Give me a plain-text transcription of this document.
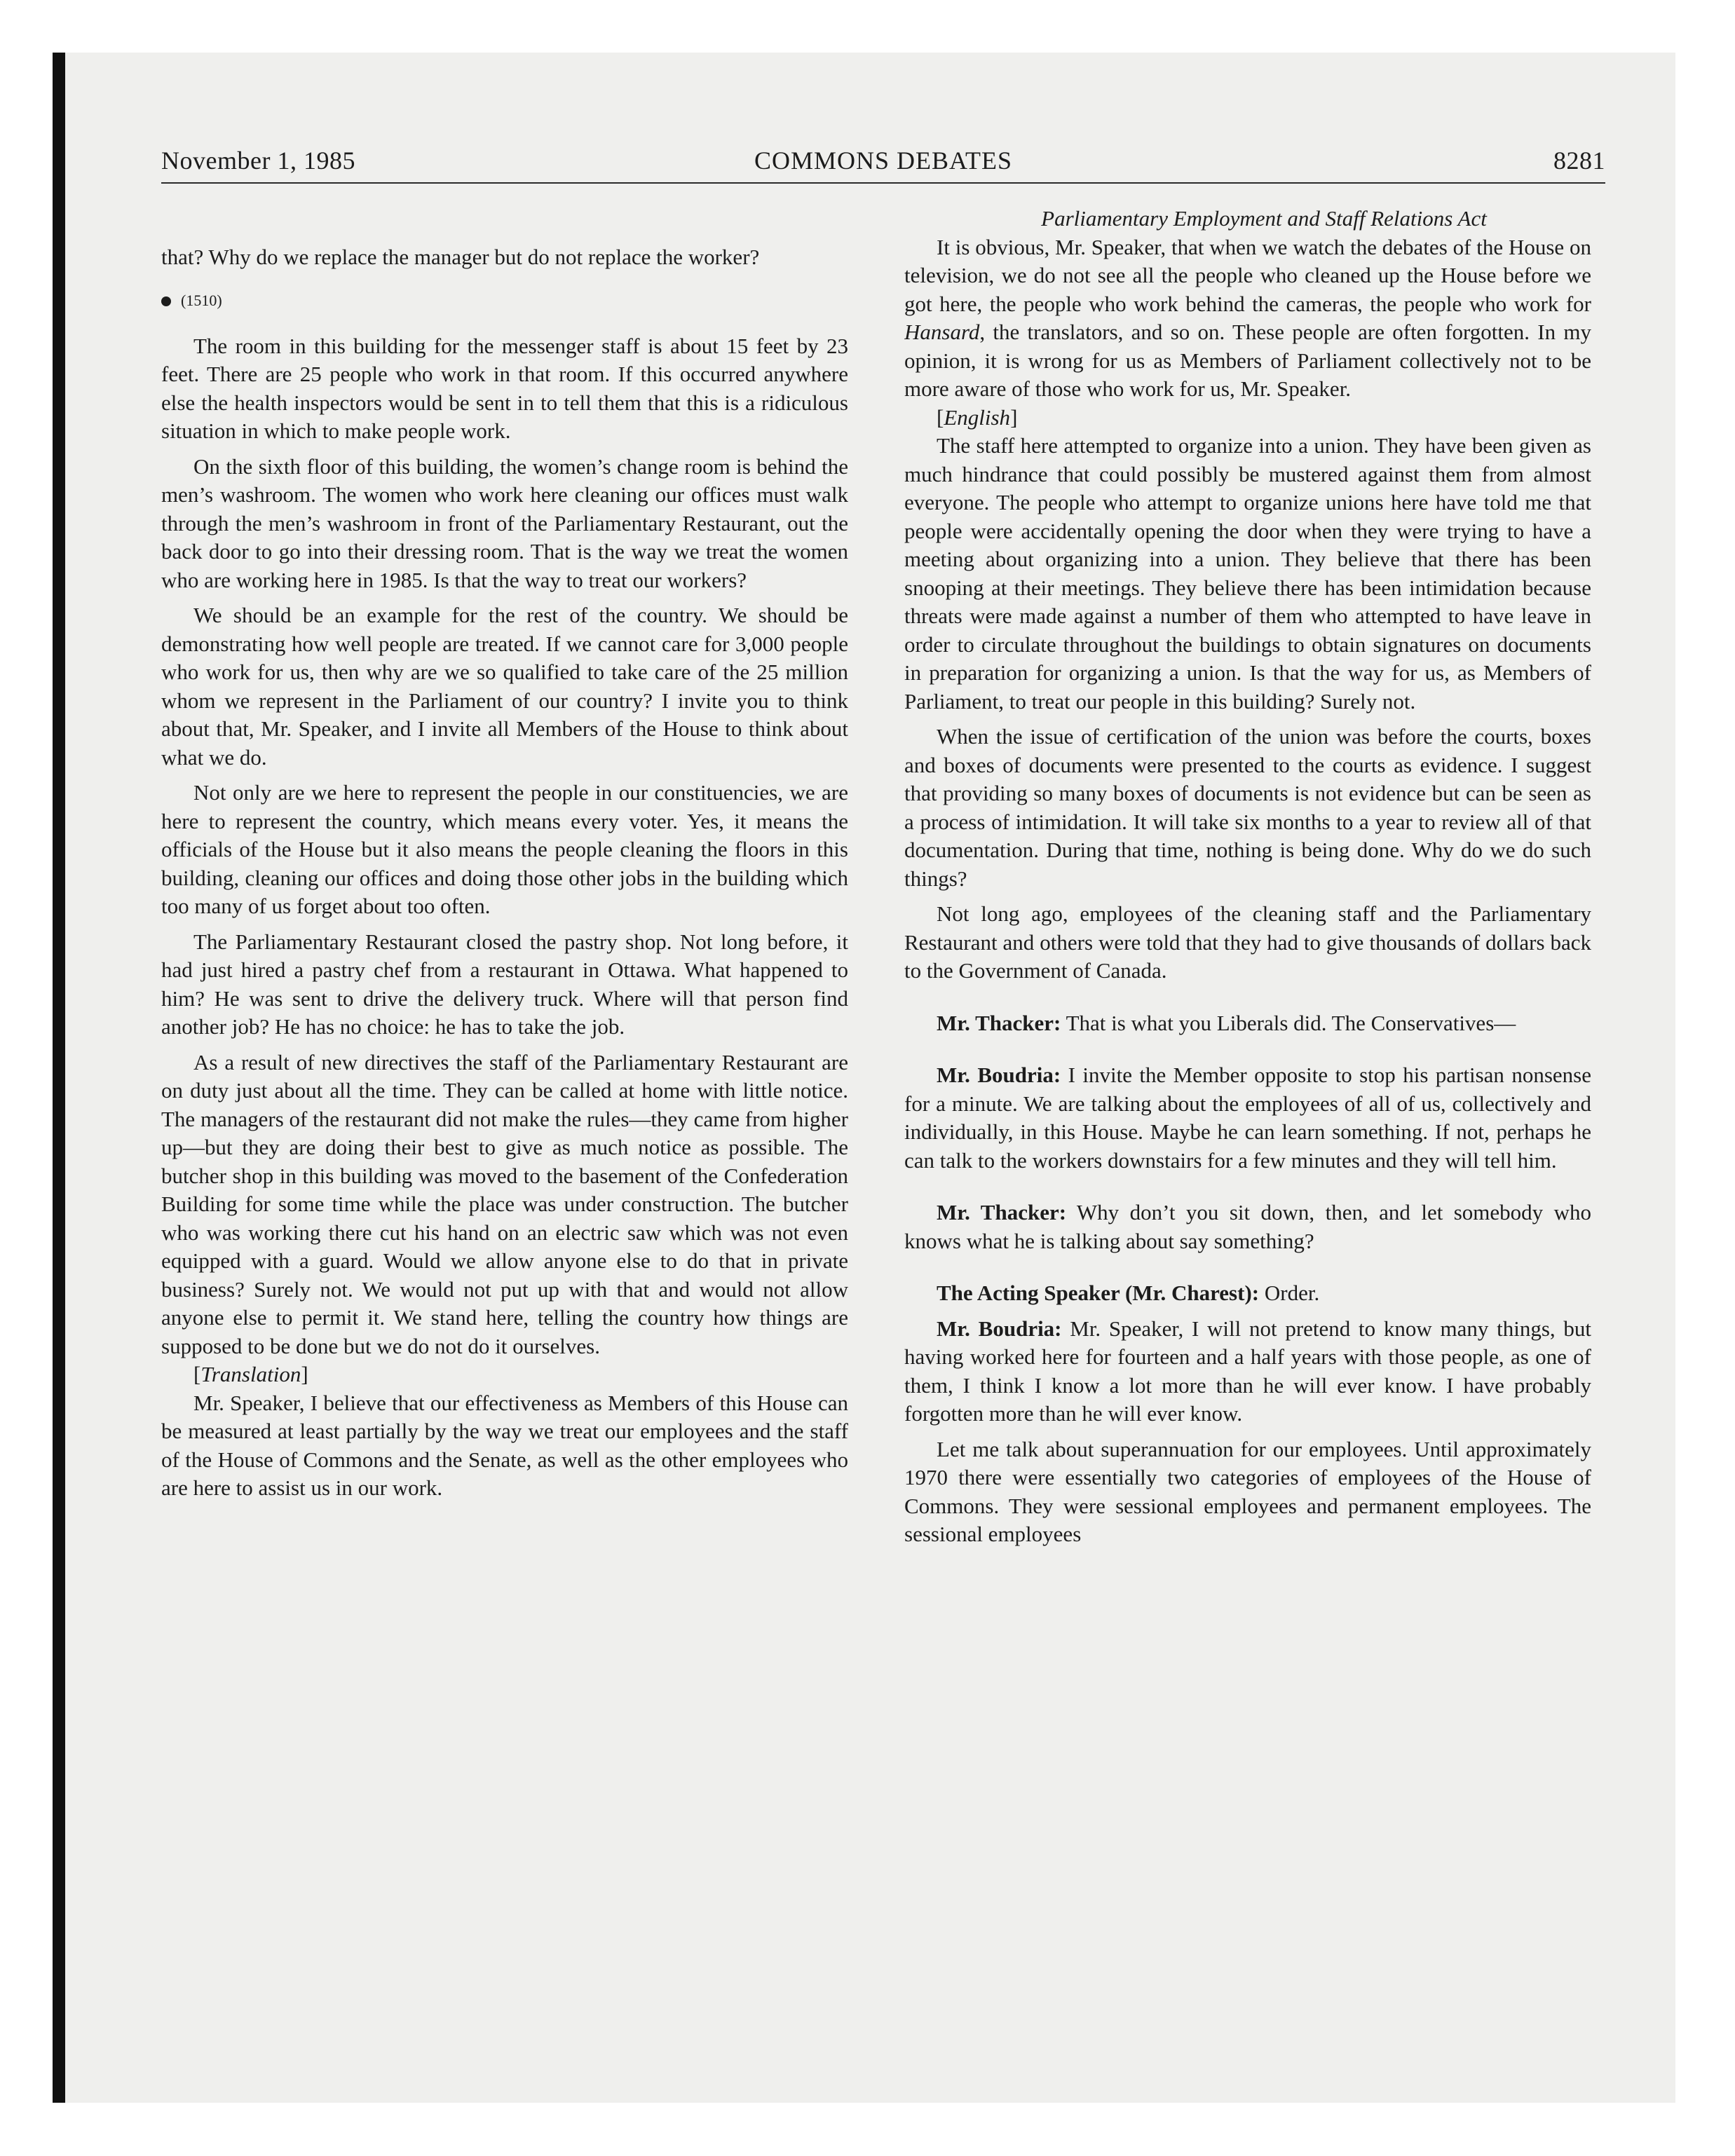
November 1, 1985	COMMONS DEBATES	8281

that? Why do we replace the manager but do not replace the worker?

(1510)

The room in this building for the messenger staff is about 15 feet by 23 feet. There are 25 people who work in that room. If this occurred anywhere else the health inspectors would be sent in to tell them that this is a ridiculous situation in which to make people work.

On the sixth floor of this building, the women’s change room is behind the men’s washroom. The women who work here cleaning our offices must walk through the men’s washroom in front of the Parliamentary Restaurant, out the back door to go into their dressing room. That is the way we treat the women who are working here in 1985. Is that the way to treat our workers?

We should be an example for the rest of the country. We should be demonstrating how well people are treated. If we cannot care for 3,000 people who work for us, then why are we so qualified to take care of the 25 million whom we represent in the Parliament of our country? I invite you to think about that, Mr. Speaker, and I invite all Members of the House to think about what we do.

Not only are we here to represent the people in our constituencies, we are here to represent the country, which means every voter. Yes, it means the officials of the House but it also means the people cleaning the floors in this building, cleaning our offices and doing those other jobs in the building which too many of us forget about too often.

The Parliamentary Restaurant closed the pastry shop. Not long before, it had just hired a pastry chef from a restaurant in Ottawa. What happened to him? He was sent to drive the delivery truck. Where will that person find another job? He has no choice: he has to take the job.

As a result of new directives the staff of the Parliamentary Restaurant are on duty just about all the time. They can be called at home with little notice. The managers of the restaurant did not make the rules—they came from higher up—but they are doing their best to give as much notice as possible. The butcher shop in this building was moved to the basement of the Confederation Building for some time while the place was under construction. The butcher who was working there cut his hand on an electric saw which was not even equipped with a guard. Would we allow anyone else to do that in private business? Surely not. We would not put up with that and would not allow anyone else to permit it. We stand here, telling the country how things are supposed to be done but we do not do it ourselves.

[Translation]

Mr. Speaker, I believe that our effectiveness as Members of this House can be measured at least partially by the way we treat our employees and the staff of the House of Commons and the Senate, as well as the other employees who are here to assist us in our work.

Parliamentary Employment and Staff Relations Act

It is obvious, Mr. Speaker, that when we watch the debates of the House on television, we do not see all the people who cleaned up the House before we got here, the people who work behind the cameras, the people who work for Hansard, the translators, and so on. These people are often forgotten. In my opinion, it is wrong for us as Members of Parliament collectively not to be more aware of those who work for us, Mr. Speaker.

[English]

The staff here attempted to organize into a union. They have been given as much hindrance that could possibly be mustered against them from almost everyone. The people who attempt to organize unions here have told me that people were accidentally opening the door when they were trying to have a meeting about organizing into a union. They believe that there has been snooping at their meetings. They believe there has been intimidation because threats were made against a number of them who attempted to have leave in order to circulate throughout the buildings to obtain signatures on documents in preparation for organizing a union. Is that the way for us, as Members of Parliament, to treat our people in this building? Surely not.

When the issue of certification of the union was before the courts, boxes and boxes of documents were presented to the courts as evidence. I suggest that providing so many boxes of documents is not evidence but can be seen as a process of intimidation. It will take six months to a year to review all of that documentation. During that time, nothing is being done. Why do we do such things?

Not long ago, employees of the cleaning staff and the Parliamentary Restaurant and others were told that they had to give thousands of dollars back to the Government of Canada.

Mr. Thacker: That is what you Liberals did. The Conservatives—

Mr. Boudria: I invite the Member opposite to stop his partisan nonsense for a minute. We are talking about the employees of all of us, collectively and individually, in this House. Maybe he can learn something. If not, perhaps he can talk to the workers downstairs for a few minutes and they will tell him.

Mr. Thacker: Why don’t you sit down, then, and let somebody who knows what he is talking about say something?

The Acting Speaker (Mr. Charest): Order.

Mr. Boudria: Mr. Speaker, I will not pretend to know many things, but having worked here for fourteen and a half years with those people, as one of them, I think I know a lot more than he will ever know. I have probably forgotten more than he will ever know.

Let me talk about superannuation for our employees. Until approximately 1970 there were essentially two categories of employees of the House of Commons. They were sessional employees and permanent employees. The sessional employees
